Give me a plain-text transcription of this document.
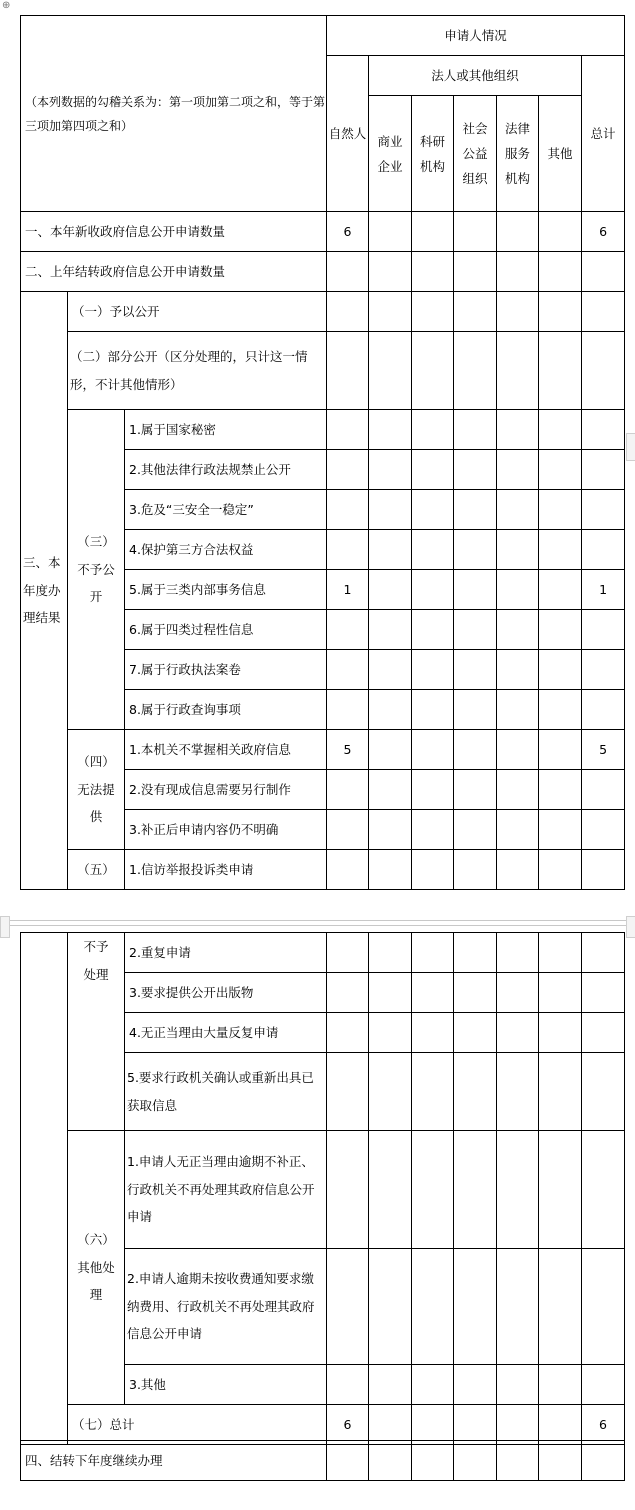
⊕
（本列数据的勾稽关系为：第一项加第二项之和，等于第三项加第四项之和）			申请人情况						
			自然人	法人或其他组织					总计
				商业企业	科研机构	社会公益组织	法律服务机构	其他	
一、本年新收政府信息公开申请数量			6						6
二、上年结转政府信息公开申请数量									
三、本年度办理结果	（一）予以公开								
	（二）部分公开（区分处理的，只计这一情形，不计其他情形）								
	（三）不予公开	1.属于国家秘密							
		2.其他法律行政法规禁止公开							
		3.危及“三安全一稳定”							
		4.保护第三方合法权益							
		5.属于三类内部事务信息	1						1
		6.属于四类过程性信息							
		7.属于行政执法案卷							
		8.属于行政查询事项							
	（四）无法提供	1.本机关不掌握相关政府信息	5						5
		2.没有现成信息需要另行制作							
		3.补正后申请内容仍不明确							
	（五）	1.信访举报投诉类申请							
	不予处理	2.重复申请							
		3.要求提供公开出版物							
		4.无正当理由大量反复申请							
		5.要求行政机关确认或重新出具已获取信息							
	（六）其他处理	1.申请人无正当理由逾期不补正、行政机关不再处理其政府信息公开申请							
		2.申请人逾期未按收费通知要求缴纳费用、行政机关不再处理其政府信息公开申请							
		3.其他							
	（七）总计		6						6
四、结转下年度继续办理							
